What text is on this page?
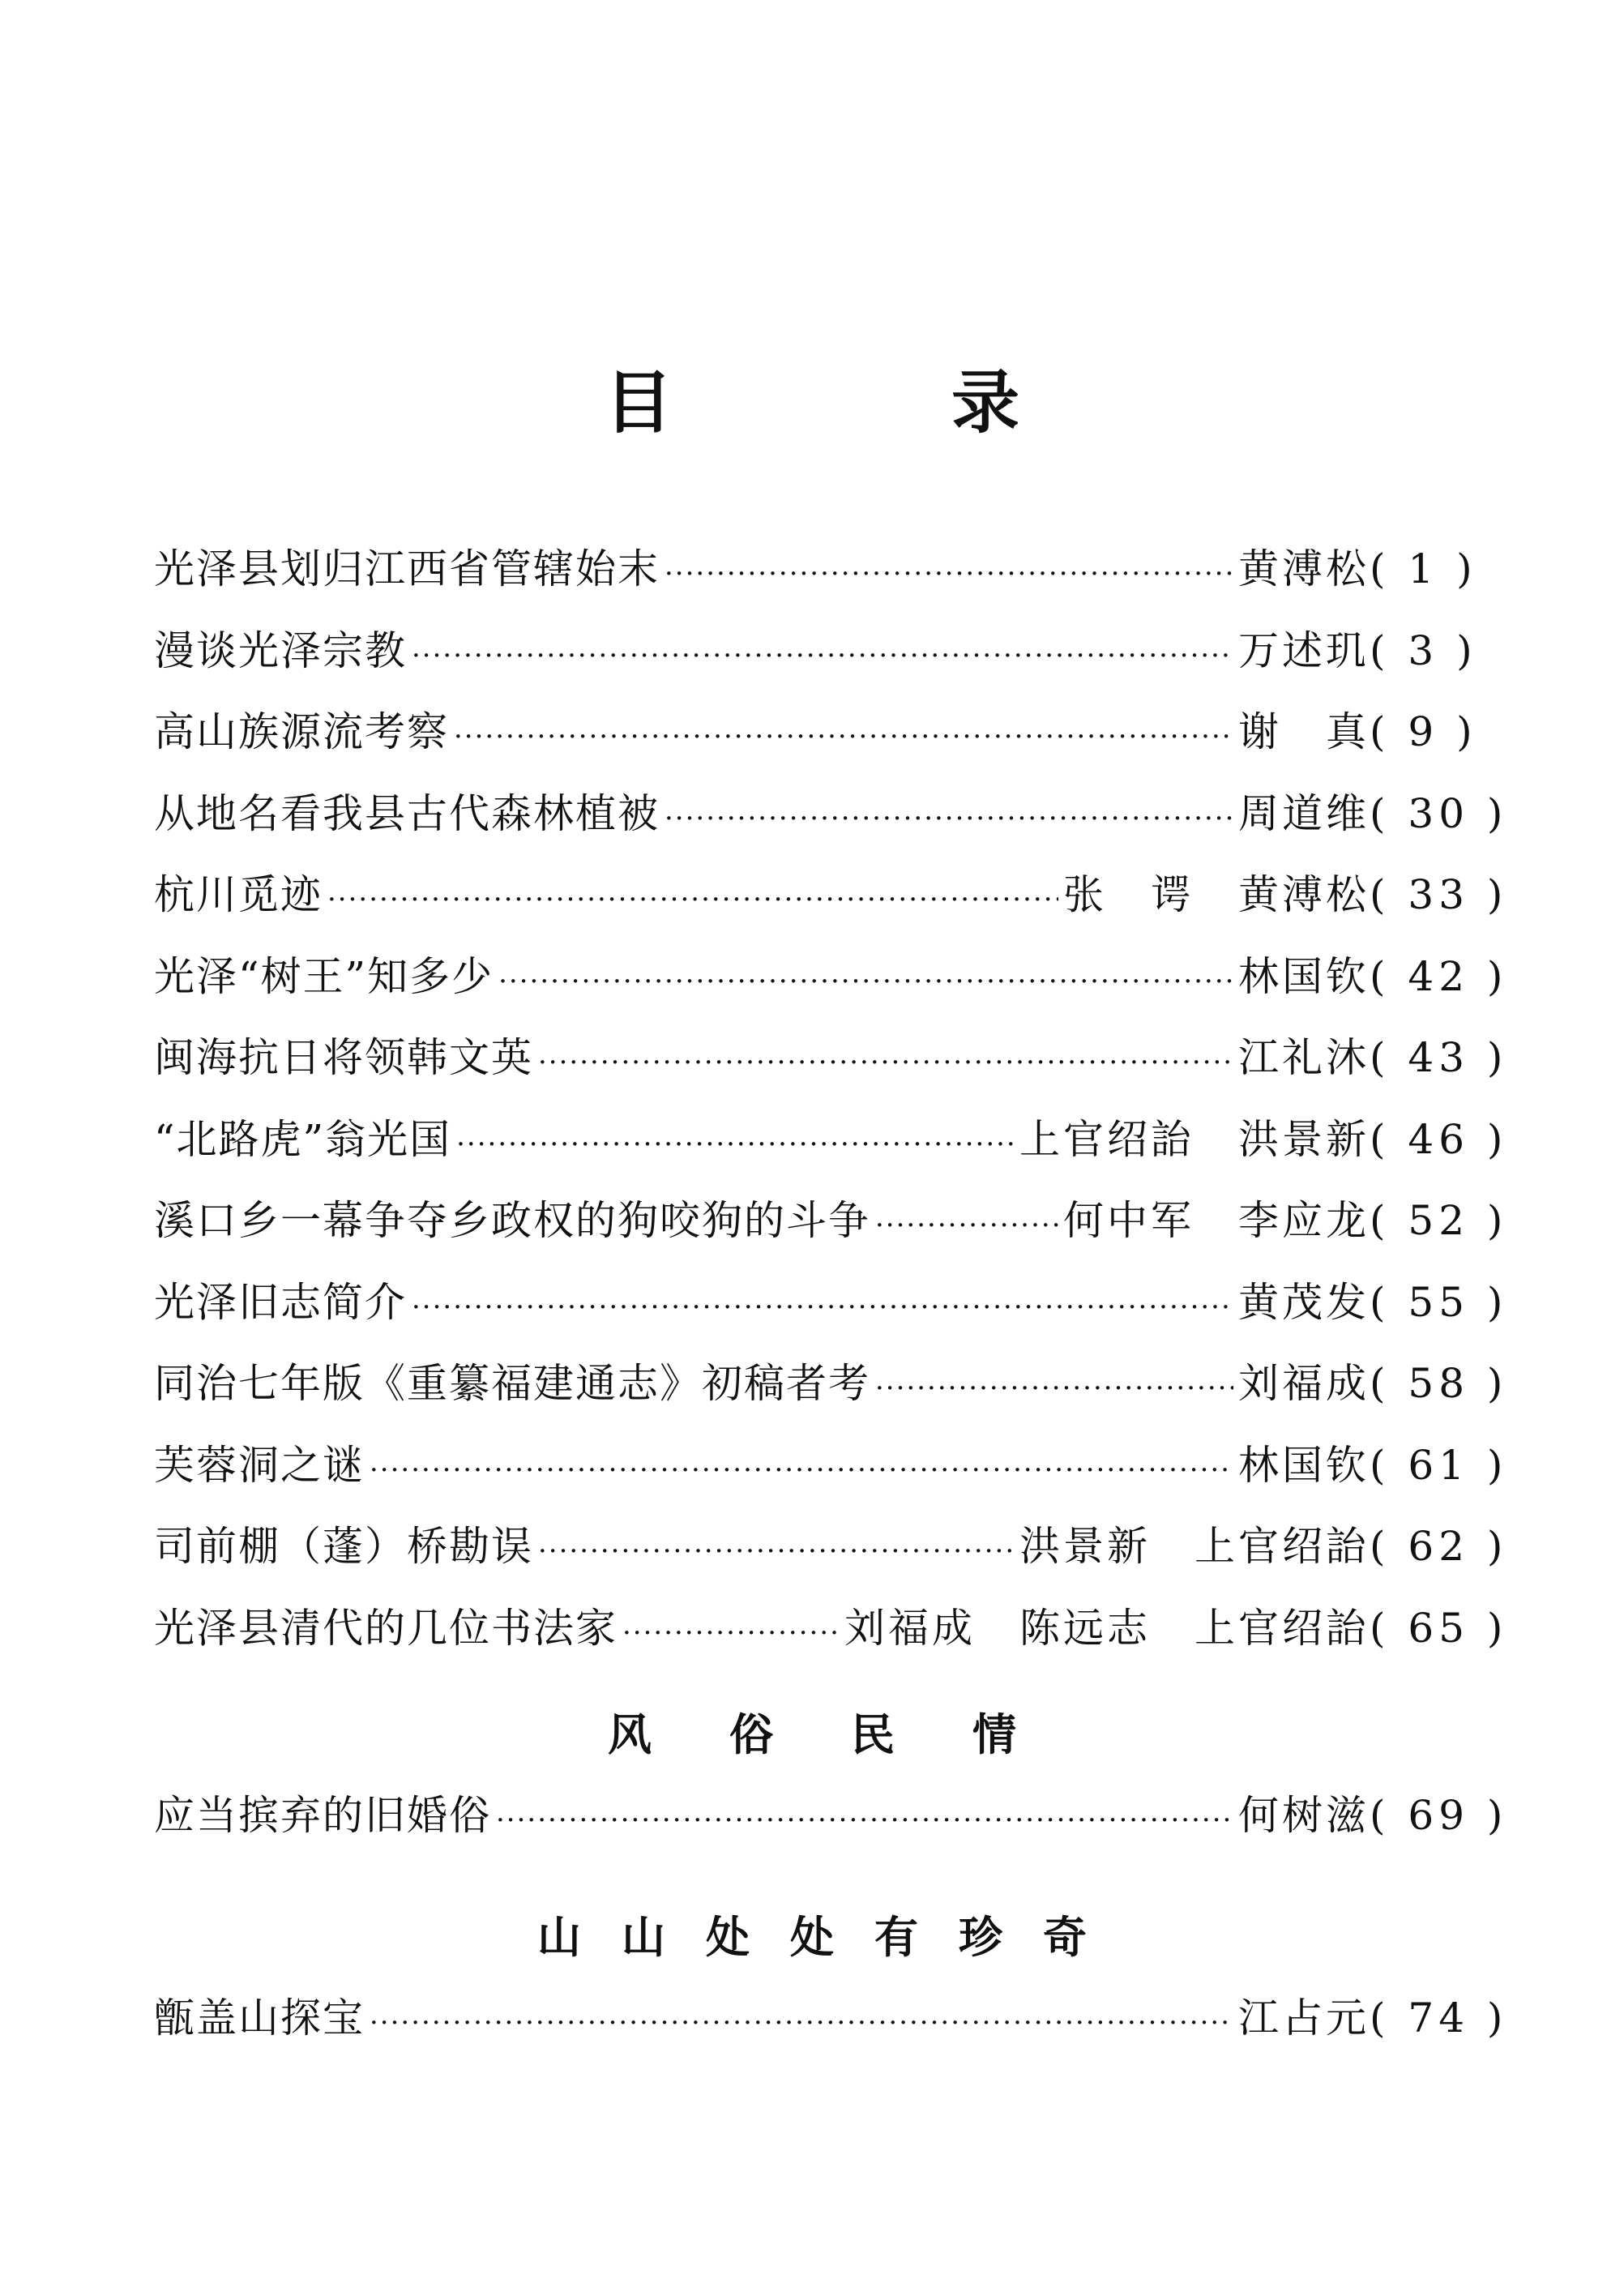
目　录
光泽县划归江西省管辖始末 ·····	黄溥松 ( 1 )
漫谈光泽宗教 ·····	万述玑 ( 3 )
高山族源流考察 ·····	谢　真 ( 9 )
从地名看我县古代森林植被 ·····	周道维 ( 30 )
杭川觅迹 ·····	张　谔　黄溥松 ( 33 )
光泽“树王”知多少 ·····	林国钦 ( 42 )
闽海抗日将领韩文英 ·····	江礼沐 ( 43 )
“北路虎”翁光国 ·····	上官绍詒　洪景新 ( 46 )
溪口乡一幕争夺乡政权的狗咬狗的斗争 ·····	何中军　李应龙 ( 52 )
光泽旧志简介 ·····	黄茂发 ( 55 )
同治七年版《重纂福建通志》初稿者考 ·····	刘福成 ( 58 )
芙蓉洞之谜 ·····	林国钦 ( 61 )
司前棚（蓬）桥勘误 ·····	洪景新　上官绍詒 ( 62 )
光泽县清代的几位书法家 ·····	刘福成　陈远志　上官绍詒 ( 65 )
风俗民情
应当摈弃的旧婚俗 ·····	何树滋 ( 69 )
山山处处有珍奇
甑盖山探宝 ·····	江占元 ( 74 )
